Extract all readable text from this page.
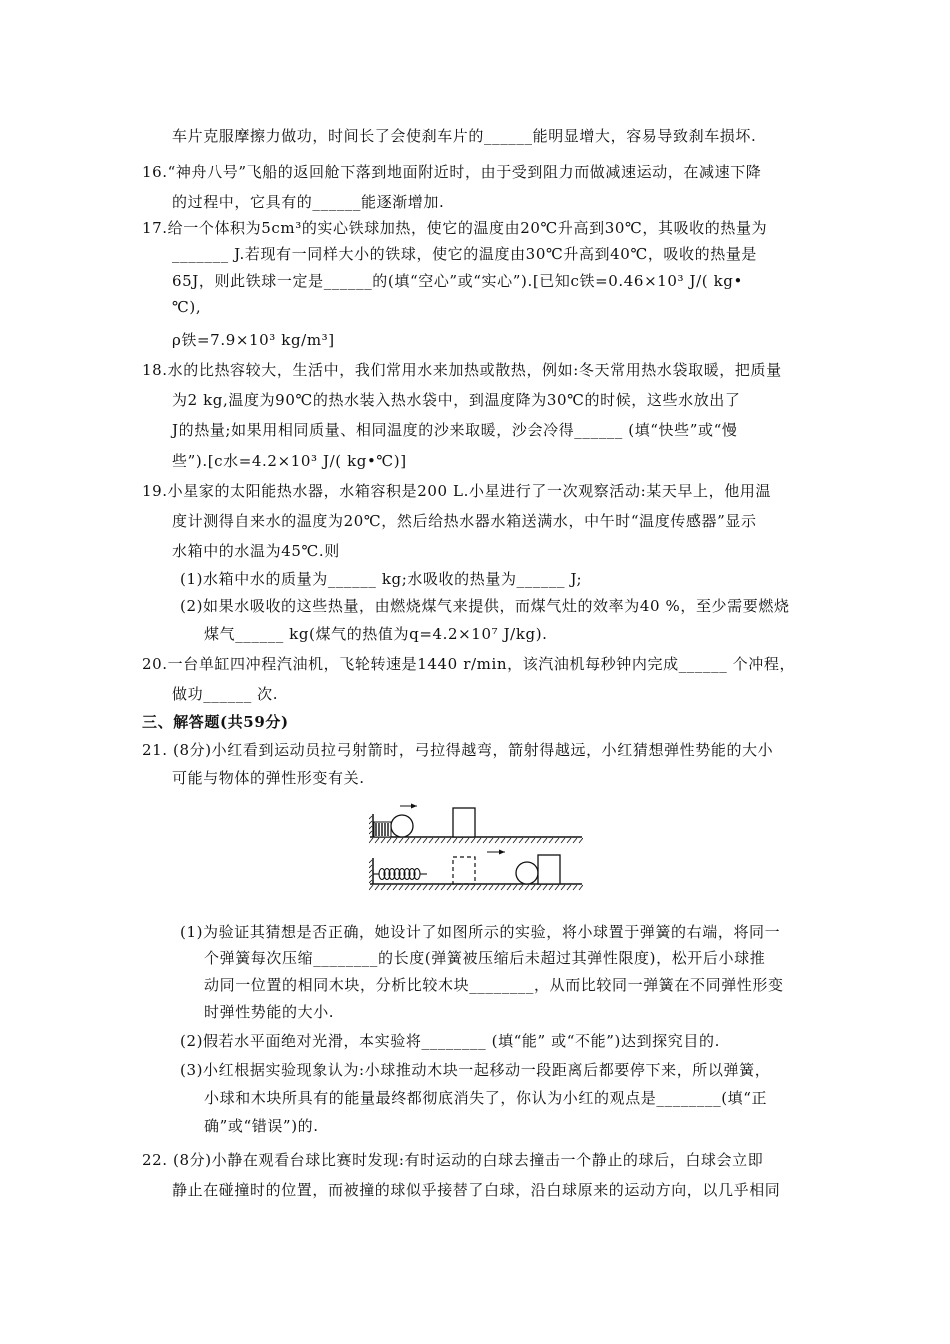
车片克服摩擦力做功，时间长了会使刹车片的______能明显增大，容易导致刹车损坏.
16.“神舟八号”飞船的返回舱下落到地面附近时，由于受到阻力而做减速运动，在减速下降
的过程中，它具有的______能逐渐增加.
17.给一个体积为5cm³的实心铁球加热，使它的温度由20℃升高到30℃，其吸收的热量为
_______ J.若现有一同样大小的铁球，使它的温度由30℃升高到40℃，吸收的热量是
65J，则此铁球一定是______的(填“空心”或“实心”).[已知c铁=0.46×10³ J/( kg•
℃),
ρ铁=7.9×10³ kg/m³]
18.水的比热容较大，生活中，我们常用水来加热或散热，例如:冬天常用热水袋取暖，把质量
为2 kg,温度为90℃的热水装入热水袋中，到温度降为30℃的时候，这些水放出了
J的热量;如果用相同质量、相同温度的沙来取暖，沙会冷得______ (填“快些”或“慢
些”).[c水=4.2×10³ J/( kg•℃)]
19.小星家的太阳能热水器，水箱容积是200 L.小星进行了一次观察活动:某天早上，他用温
度计测得自来水的温度为20℃，然后给热水器水箱送满水，中午时“温度传感器”显示
水箱中的水温为45℃.则
(1)水箱中水的质量为______ kg;水吸收的热量为______ J;
(2)如果水吸收的这些热量，由燃烧煤气来提供，而煤气灶的效率为40 %，至少需要燃烧
煤气______ kg(煤气的热值为q=4.2×10⁷ J/kg).
20.一台单缸四冲程汽油机，飞轮转速是1440 r/min，该汽油机每秒钟内完成______ 个冲程，
做功______ 次.
三、解答题(共59分)
21. (8分)小红看到运动员拉弓射箭时，弓拉得越弯，箭射得越远，小红猜想弹性势能的大小
可能与物体的弹性形变有关.
(1)为验证其猜想是否正确，她设计了如图所示的实验，将小球置于弹簧的右端，将同一
个弹簧每次压缩________的长度(弹簧被压缩后未超过其弹性限度)，松开后小球推
动同一位置的相同木块，分析比较木块________，从而比较同一弹簧在不同弹性形变
时弹性势能的大小.
(2)假若水平面绝对光滑，本实验将________ (填“能” 或“不能”)达到探究目的.
(3)小红根据实验现象认为:小球推动木块一起移动一段距离后都要停下来，所以弹簧，
小球和木块所具有的能量最终都彻底消失了，你认为小红的观点是________(填“正
确”或“错误”)的.
22. (8分)小静在观看台球比赛时发现:有时运动的白球去撞击一个静止的球后，白球会立即
静止在碰撞时的位置，而被撞的球似乎接替了白球，沿白球原来的运动方向，以几乎相同
